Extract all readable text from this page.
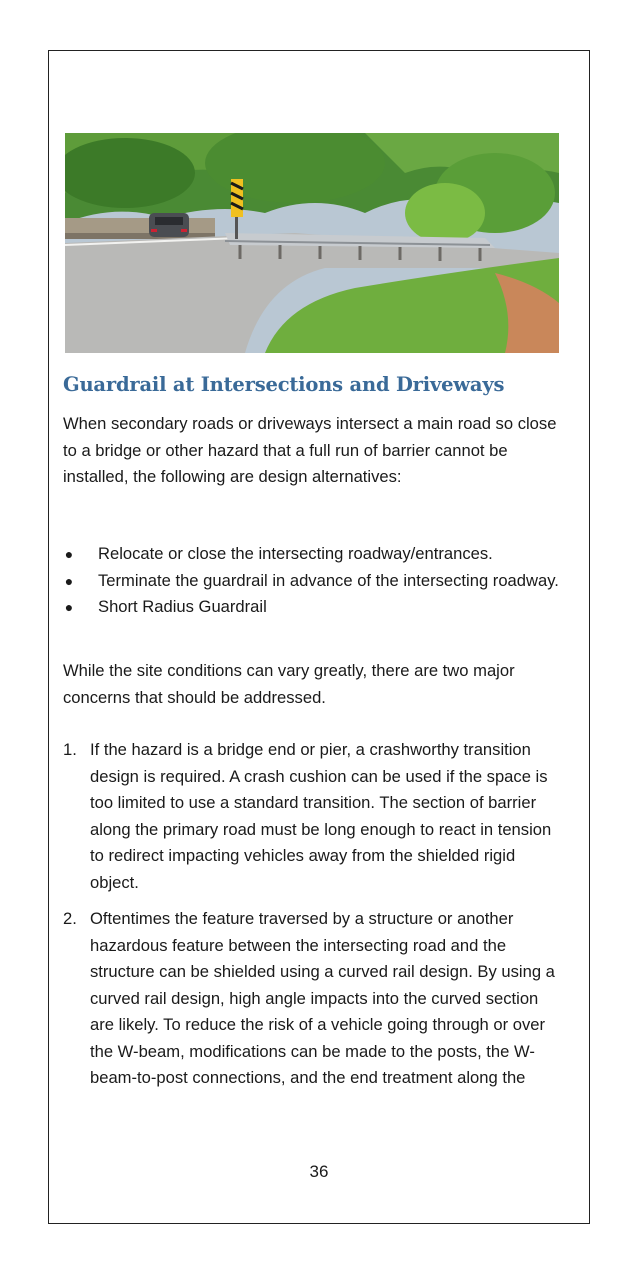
Guardrail at Intersections and Driveways
When secondary roads or driveways intersect a main road so close to a bridge or other hazard that a full run of barrier cannot be installed, the following are design alternatives:
● Relocate or close the intersecting roadway/entrances.
● Terminate the guardrail in advance of the intersecting roadway.
● Short Radius Guardrail
While the site conditions can vary greatly, there are two major concerns that should be addressed.
1. If the hazard is a bridge end or pier, a crashworthy transition design is required. A crash cushion can be used if the space is too limited to use a standard transition. The section of barrier along the primary road must be long enough to react in tension to redirect impacting vehicles away from the shielded rigid object.
2. Oftentimes the feature traversed by a structure or another hazardous feature between the intersecting road and the structure can be shielded using a curved rail design. By using a curved rail design, high angle impacts into the curved section are likely. To reduce the risk of a vehicle going through or over the W-beam, modifications can be made to the posts, the W-beam-to-post connections, and the end treatment along the
36
